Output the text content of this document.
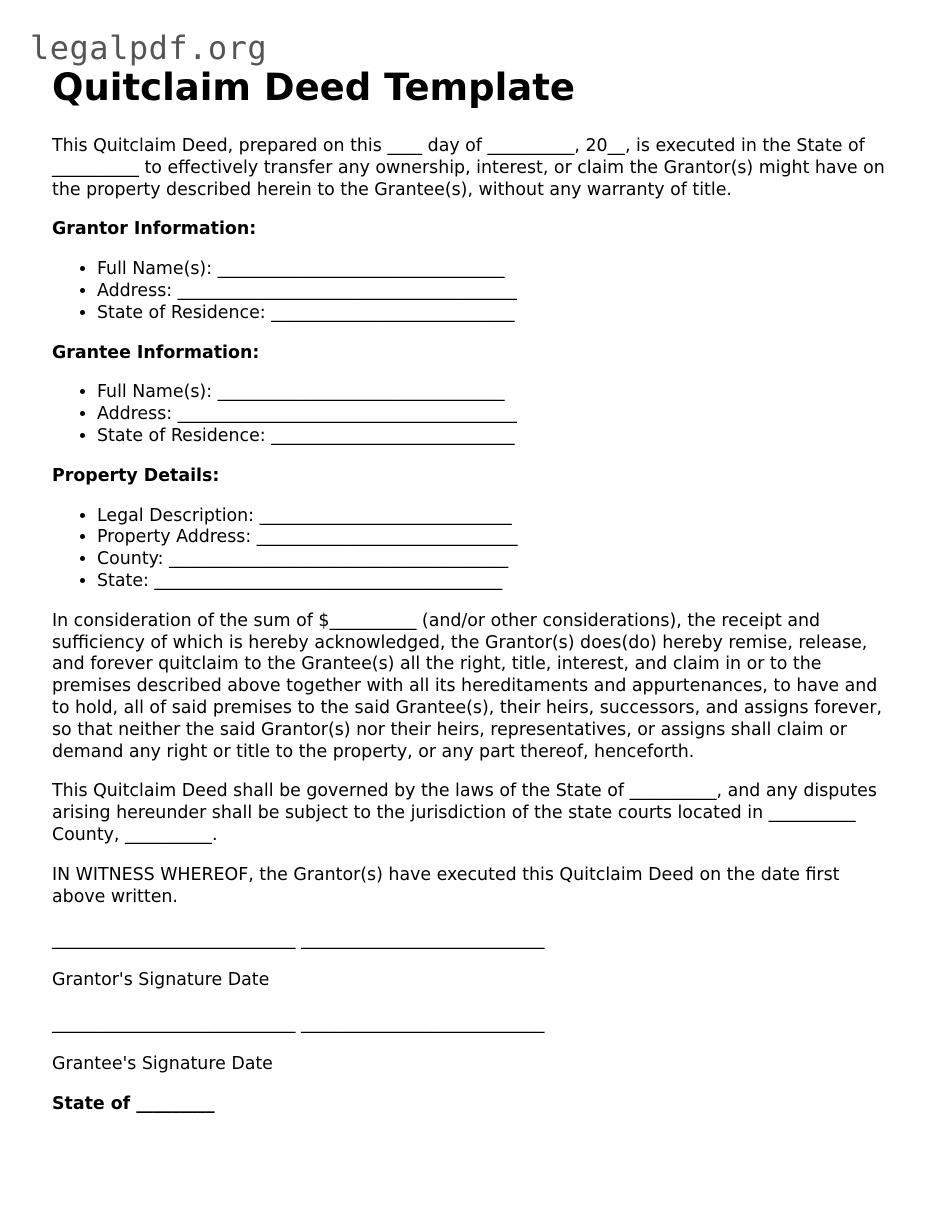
legalpdf.org
Quitclaim Deed Template

This Quitclaim Deed, prepared on this ____ day of __________, 20__, is executed in the State of __________ to effectively transfer any ownership, interest, or claim the Grantor(s) might have on the property described herein to the Grantee(s), without any warranty of title.

Grantor Information:
• Full Name(s): _________________________________
• Address: _______________________________________
• State of Residence: ____________________________
Grantee Information:
• Full Name(s): _________________________________
• Address: _______________________________________
• State of Residence: ____________________________
Property Details:
• Legal Description: _____________________________
• Property Address: ______________________________
• County: _______________________________________
• State: ________________________________________

In consideration of the sum of $__________ (and/or other considerations), the receipt and sufficiency of which is hereby acknowledged, the Grantor(s) does(do) hereby remise, release, and forever quitclaim to the Grantee(s) all the right, title, interest, and claim in or to the premises described above together with all its hereditaments and appurtenances, to have and to hold, all of said premises to the said Grantee(s), their heirs, successors, and assigns forever, so that neither the said Grantor(s) nor their heirs, representatives, or assigns shall claim or demand any right or title to the property, or any part thereof, henceforth.

This Quitclaim Deed shall be governed by the laws of the State of __________, and any disputes arising hereunder shall be subject to the jurisdiction of the state courts located in __________ County, __________.

IN WITNESS WHEREOF, the Grantor(s) have executed this Quitclaim Deed on the date first above written.

____________________________ ____________________________

Grantor's Signature Date

____________________________ ____________________________

Grantee's Signature Date

State of _________
